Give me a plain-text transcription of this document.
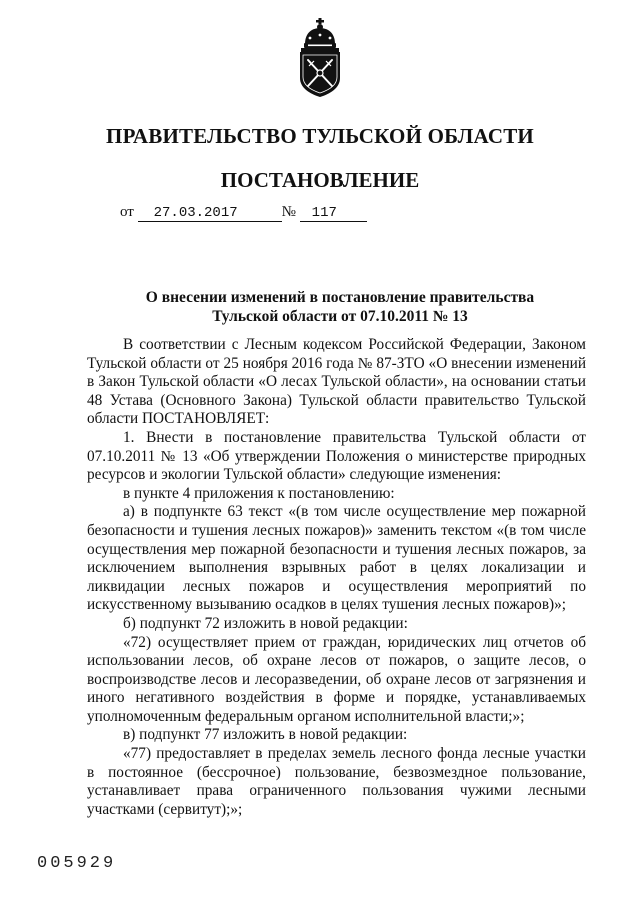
ПРАВИТЕЛЬСТВО ТУЛЬСКОЙ ОБЛАСТИ
ПОСТАНОВЛЕНИЕ
от 27.03.2017	№ 117
О внесении изменений в постановление правительства
Тульской области от 07.10.2011 № 13

В соответствии с Лесным кодексом Российской Федерации, Законом Тульской области от 25 ноября 2016 года № 87-ЗТО «О внесении изменений в Закон Тульской области «О лесах Тульской области», на основании статьи 48 Устава (Основного Закона) Тульской области правительство Тульской области ПОСТАНОВЛЯЕТ:

1. Внести в постановление правительства Тульской области от 07.10.2011 № 13 «Об утверждении Положения о министерстве природных ресурсов и экологии Тульской области» следующие изменения:

в пункте 4 приложения к постановлению:

а) в подпункте 63 текст «(в том числе осуществление мер пожарной безопасности и тушения лесных пожаров)» заменить текстом «(в том числе осуществления мер пожарной безопасности и тушения лесных пожаров, за исключением выполнения взрывных работ в целях локализации и ликвидации лесных пожаров и осуществления мероприятий по искусственному вызыванию осадков в целях тушения лесных пожаров)»;

б) подпункт 72 изложить в новой редакции:

«72) осуществляет прием от граждан, юридических лиц отчетов об использовании лесов, об охране лесов от пожаров, о защите лесов, о воспроизводстве лесов и лесоразведении, об охране лесов от загрязнения и иного негативного воздействия в форме и порядке, устанавливаемых уполномоченным федеральным органом исполнительной власти;»;

в) подпункт 77 изложить в новой редакции:

«77) предоставляет в пределах земель лесного фонда лесные участки в постоянное (бессрочное) пользование, безвозмездное пользование, устанавливает права ограниченного пользования чужими лесными участками (сервитут);»;

005929
